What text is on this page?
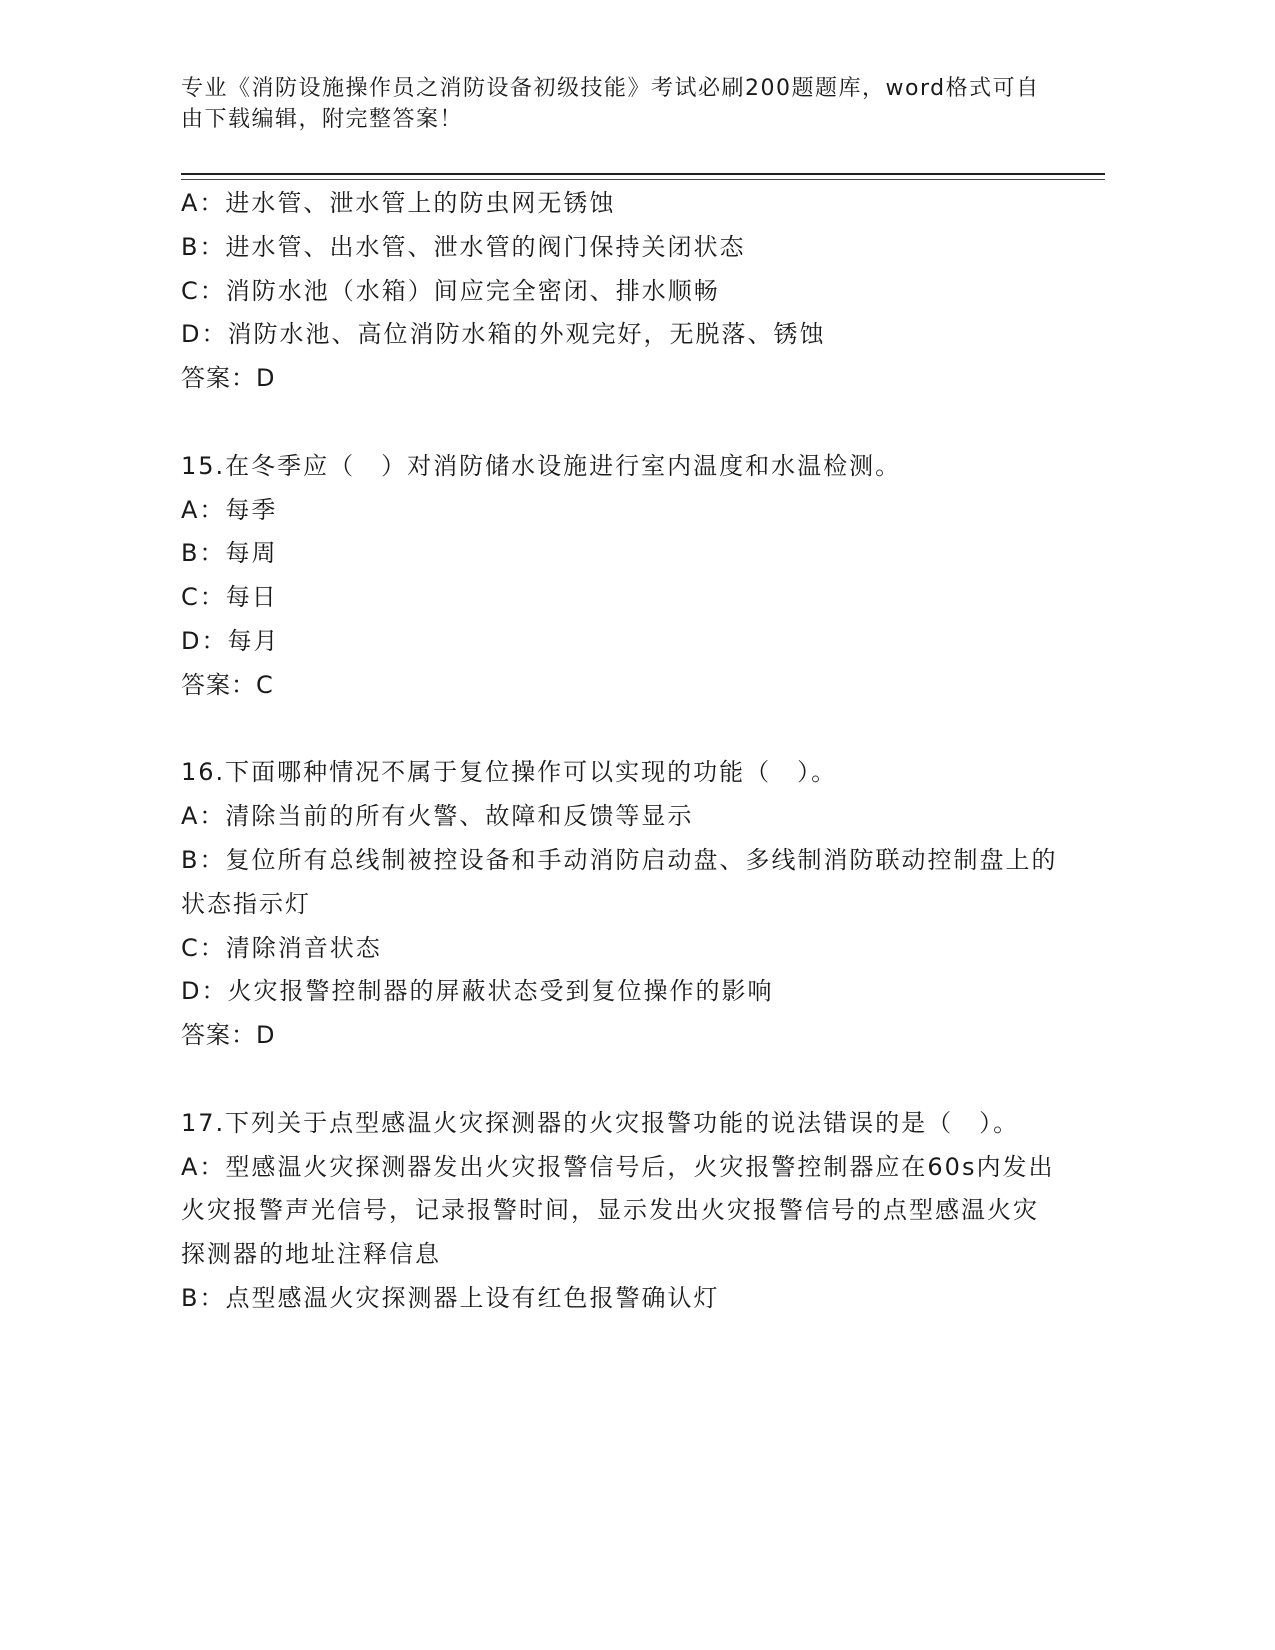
专业《消防设施操作员之消防设备初级技能》考试必刷200题题库，word格式可自由下载编辑，附完整答案！
A：进水管、泄水管上的防虫网无锈蚀
B：进水管、出水管、泄水管的阀门保持关闭状态
C：消防水池（水箱）间应完全密闭、排水顺畅
D：消防水池、高位消防水箱的外观完好，无脱落、锈蚀
答案：D
15.在冬季应（　）对消防储水设施进行室内温度和水温检测。
A：每季
B：每周
C：每日
D：每月
答案：C
16.下面哪种情况不属于复位操作可以实现的功能（　）。
A：清除当前的所有火警、故障和反馈等显示
B：复位所有总线制被控设备和手动消防启动盘、多线制消防联动控制盘上的状态指示灯
C：清除消音状态
D：火灾报警控制器的屏蔽状态受到复位操作的影响
答案：D
17.下列关于点型感温火灾探测器的火灾报警功能的说法错误的是（　）。
A：型感温火灾探测器发出火灾报警信号后，火灾报警控制器应在60s内发出火灾报警声光信号，记录报警时间，显示发出火灾报警信号的点型感温火灾探测器的地址注释信息
B：点型感温火灾探测器上设有红色报警确认灯
